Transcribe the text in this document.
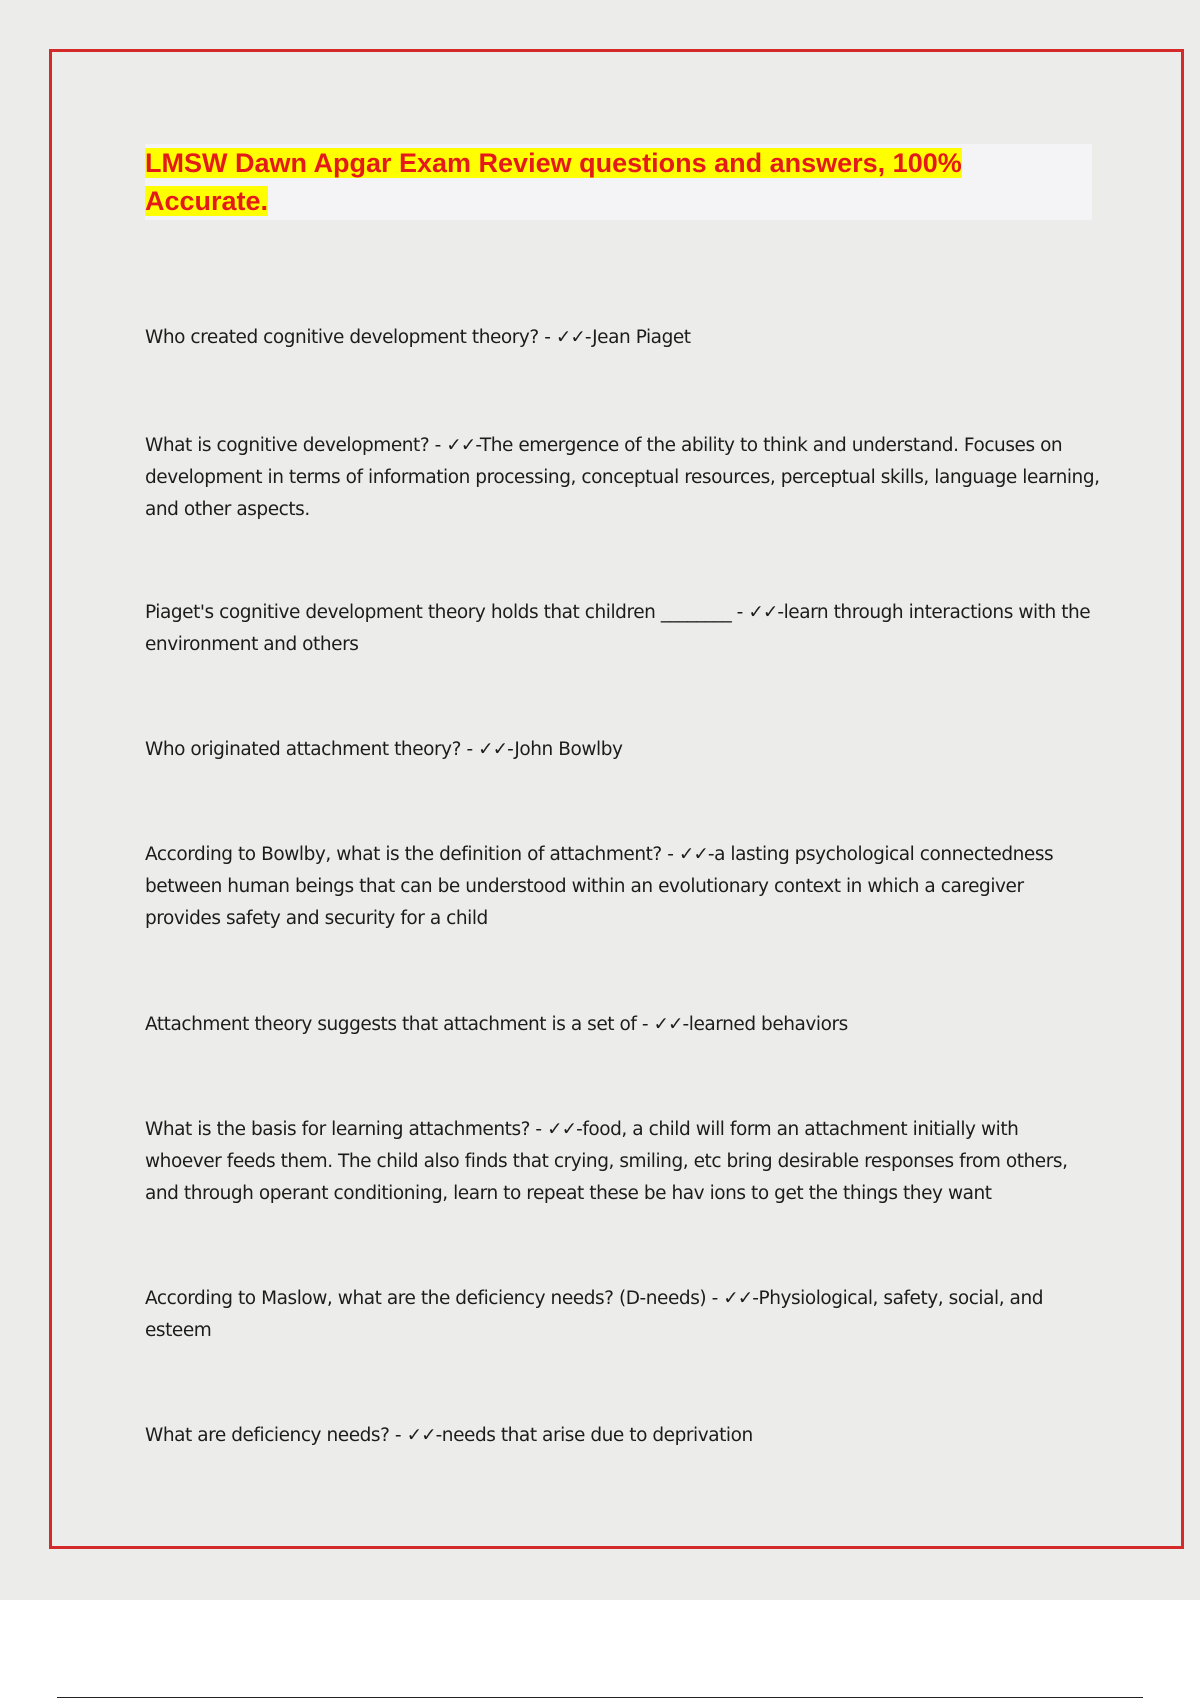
LMSW Dawn Apgar Exam Review questions and answers, 100% Accurate.

Who created cognitive development theory? - ✓✓-Jean Piaget

What is cognitive development? - ✓✓-The emergence of the ability to think and understand. Focuses on development in terms of information processing, conceptual resources, perceptual skills, language learning, and other aspects.

Piaget's cognitive development theory holds that children ________ - ✓✓-learn through interactions with the environment and others

Who originated attachment theory? - ✓✓-John Bowlby

According to Bowlby, what is the definition of attachment? - ✓✓-a lasting psychological connectedness between human beings that can be understood within an evolutionary context in which a caregiver provides safety and security for a child

Attachment theory suggests that attachment is a set of - ✓✓-learned behaviors

What is the basis for learning attachments? - ✓✓-food, a child will form an attachment initially with whoever feeds them. The child also finds that crying, smiling, etc bring desirable responses from others, and through operant conditioning, learn to repeat these be hav ions to get the things they want

According to Maslow, what are the deficiency needs? (D-needs) - ✓✓-Physiological, safety, social, and esteem

What are deficiency needs? - ✓✓-needs that arise due to deprivation
